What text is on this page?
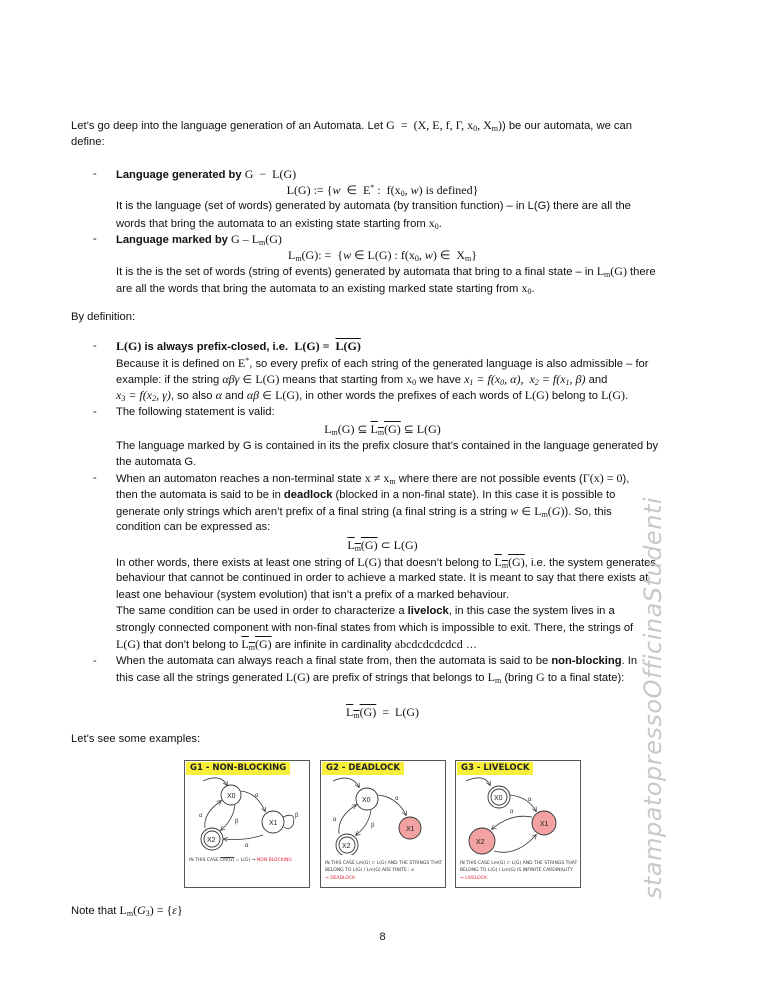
Let’s go deep into the language generation of an Automata. Let G  =  (X, E, f, Γ, $x_0$, $X_m$)) be our automata, we can
define:
- Language generated by G  −  L(G)
L(G) := {w  ∈  E* :  $f(x_0$, w) is defined}
It is the language (set of words) generated by automata (by transition function) – in L(G) there are all the
words that bring the automata to an existing state starting from $x_0$.
- Language marked by G – $L_m(G)$
$L_m(G)$: =  {w ∈ L(G) : $f(x_0$, w) ∈  $X_m$}
It is the is the set of words (string of events) generated by automata that bring to a final state – in $L_m(G)$ there
are all the words that bring the automata to an existing marked state starting from $x_0$.
By definition:
- L(G) is always prefix-closed, i.e.  L(G) =  L(G)
Because it is defined on E*, so every prefix of each string of the generated language is also admissible – for
example: if the string αβγ ∈ L(G) means that starting from $x_0$ we have $x_1 = f(x_0$, α),  $x_2 = f(x_1$, β) and
$x_3 = f(x_2$, γ), so also α and αβ ∈ L(G), in other words the prefixes of each words of L(G) belong to L(G).
- The following statement is valid:
$L_m(G)$ ⊆ $L_m(G)$ ⊆ L(G)
The language marked by G is contained in its the prefix closure that’s contained in the language generated by
the automata G.
- When an automaton reaches a non-terminal state $x \ne x_m$ where there are not possible events (Γ(x) = 0),
then the automata is said to be in deadlock (blocked in a non-final state). In this case it is possible to
generate only strings which aren’t prefix of a final string (a final string is a string w ∈ $L_m(G)$). So, this
condition can be expressed as:
$L_m(G)$ ⊂ L(G)
In other words, there exists at least one string of L(G) that doesn’t belong to $L_m(G)$, i.e. the system generates
behaviour that cannot be continued in order to achieve a marked state. It is meant to say that there exists at
least one behaviour (system evolution) that isn’t a prefix of a marked behaviour.
The same condition can be used in order to characterize a livelock, in this case the system lives in a
strongly connected component with non-final states from which is impossible to exit. There, the strings of
L(G) that don’t belong to $L_m(G)$ are infinite in cardinality abcdcdcdcdcd …
- When the automata can always reach a final state from, then the automata is said to be non-blocking. In
this case all the strings generated L(G) are prefix of strings that belongs to $L_m$ (bring G to a final state):
$L_m(G) = L(G)$
Let’s see some examples:
G1 - NON-BLOCKING
X0
X1
X2
α
α
β
α
β
IN THIS CASE Lm(G) = L(G) ⇒ NON BLOCKING
G2 - DEADLOCK
X0
X1
X2
α
α
β
IN THIS CASE Lm(G) ⊂ L(G) AND THE STRINGS THAT
BELONG TO L(G) / Lm(G) ARE FINITE : a
⇒ DEADLOCK
G3 - LIVELOCK
X0
X1
X2
α
α
IN THIS CASE Lm(G) ⊂ L(G) AND THE STRINGS THAT
BELONG TO L(G) / Lm(G) IS INFINITE CARDINALITY
⇒ LIVELOCK
Note that $L_m(G_3) = \{\varepsilon\}$
8
stampatopressoOfficinaStudenti
